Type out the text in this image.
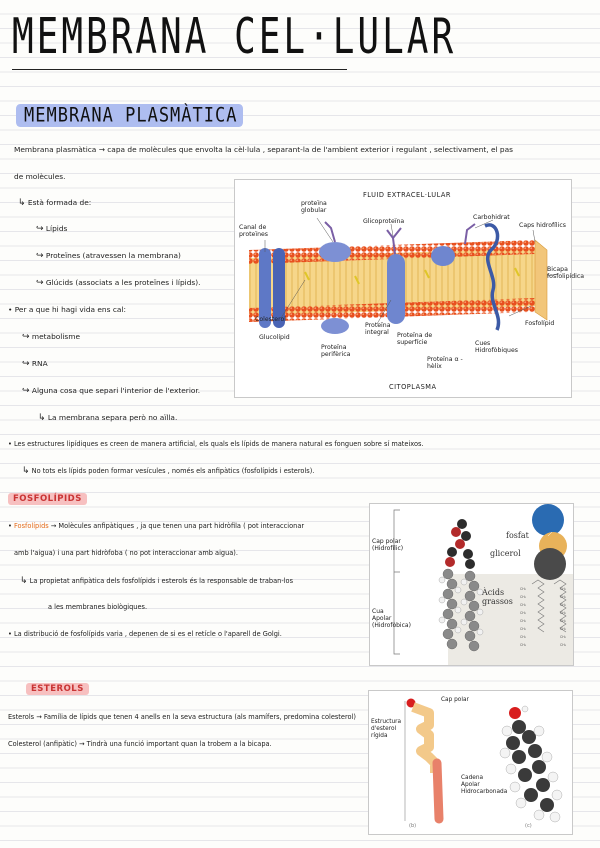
MEMBRANA CEL·LULAR
MEMBRANA PLASMÀTICA
Membrana plasmàtica → capa de molècules que envolta la cèl·lula , separant-la de l'ambient exterior i regulant , selectivament, el pas
de molècules.
↳ Està formada de:
↪ Lípids
↪ Proteïnes (atravessen la membrana)
↪ Glúcids (associats a les proteïnes i lípids).
• Per a que hi hagi vida ens cal:
↪ metabolisme
↪ RNA
↪ Alguna cosa que separi l'interior de l'exterior.
↳ La membrana separa però no aïlla.
• Les estructures lipídiques es creen de manera artificial, els quals els lípids de manera natural es fonguen sobre sí mateixos.
↳ No tots els lípids poden formar vesícules , només els anfipàtics (fosfolípids i esterols).
FLUID EXTRACEL·LULAR
Canal de proteïnes
proteïna globular
Glicoproteïna
Carbohidrat
Caps hidrofílics
Bicapa fosfolipídica
Colesterol
Glucolípid
Proteïna perifèrica
Proteïna integral	Proteïna de superfície
Proteïna α - hèlix
Cues Hidrofòbiques
Fosfolípid
CITOPLASMA
FOSFOLÍPIDS
• Fosfolípids → Molècules anfipàtiques , ja que tenen una part hidròfila ( pot interaccionar
amb l'aigua) i una part hidròfoba ( no pot interaccionar amb aigua).
↳ La propietat anfipàtica dels fosfolípids i esterols és la responsable de traban-los
a les membranes biològiques.
• La distribució de fosfolípids varia , depenen de si es el retícle o l'aparell de Golgi.
CH₂
CH₂
CH₂
CH₂
CH₂
CH₂
CH₂
CH₃
CH₂
CH₂
CH₂
CH₂
CH₂
CH₂
CH₂
CH₃
Cap polar (Hidrofílic)
Cua Apolar (Hidrofòbica)
fosfat
glicerol
Àcids grassos
ESTEROLS
Esterols → Família de lípids que tenen 4 anells en la seva estructura (als mamífers, predomina colesterol)
Colesterol (anfipàtic) → Tindrà una funció important quan la trobem a la bicapa.
Cap polar
Estructura d'esterol rígida
Cadena Apolar Hidrocarbonada
(b)	(c)
